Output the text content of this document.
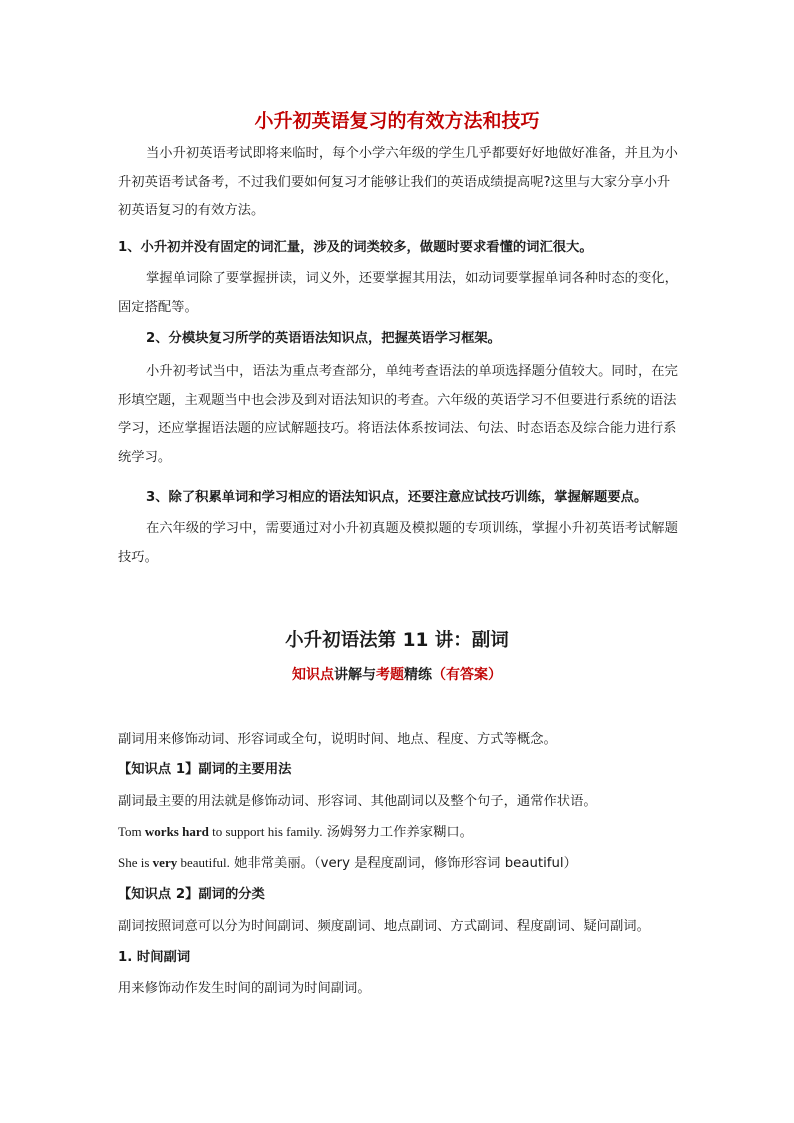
小升初英语复习的有效方法和技巧

当小升初英语考试即将来临时，每个小学六年级的学生几乎都要好好地做好准备，并且为小升初英语考试备考，不过我们要如何复习才能够让我们的英语成绩提高呢?这里与大家分享小升初英语复习的有效方法。

1、小升初并没有固定的词汇量，涉及的词类较多，做题时要求看懂的词汇很大。

掌握单词除了要掌握拼读，词义外，还要掌握其用法，如动词要掌握单词各种时态的变化，固定搭配等。

2、分模块复习所学的英语语法知识点，把握英语学习框架。

小升初考试当中，语法为重点考查部分，单纯考查语法的单项选择题分值较大。同时，在完形填空题，主观题当中也会涉及到对语法知识的考查。六年级的英语学习不但要进行系统的语法学习，还应掌握语法题的应试解题技巧。将语法体系按词法、句法、时态语态及综合能力进行系统学习。

3、除了积累单词和学习相应的语法知识点，还要注意应试技巧训练，掌握解题要点。

在六年级的学习中，需要通过对小升初真题及模拟题的专项训练，掌握小升初英语考试解题技巧。

小升初语法第 11 讲：副词
知识点讲解与考题精练（有答案）

副词用来修饰动词、形容词或全句，说明时间、地点、程度、方式等概念。

【知识点 1】副词的主要用法

副词最主要的用法就是修饰动词、形容词、其他副词以及整个句子，通常作状语。

Tom works hard to support his family. 汤姆努力工作养家糊口。

She is very beautiful. 她非常美丽。（very 是程度副词，修饰形容词 beautiful）

【知识点 2】副词的分类

副词按照词意可以分为时间副词、频度副词、地点副词、方式副词、程度副词、疑问副词。

1. 时间副词

用来修饰动作发生时间的副词为时间副词。
